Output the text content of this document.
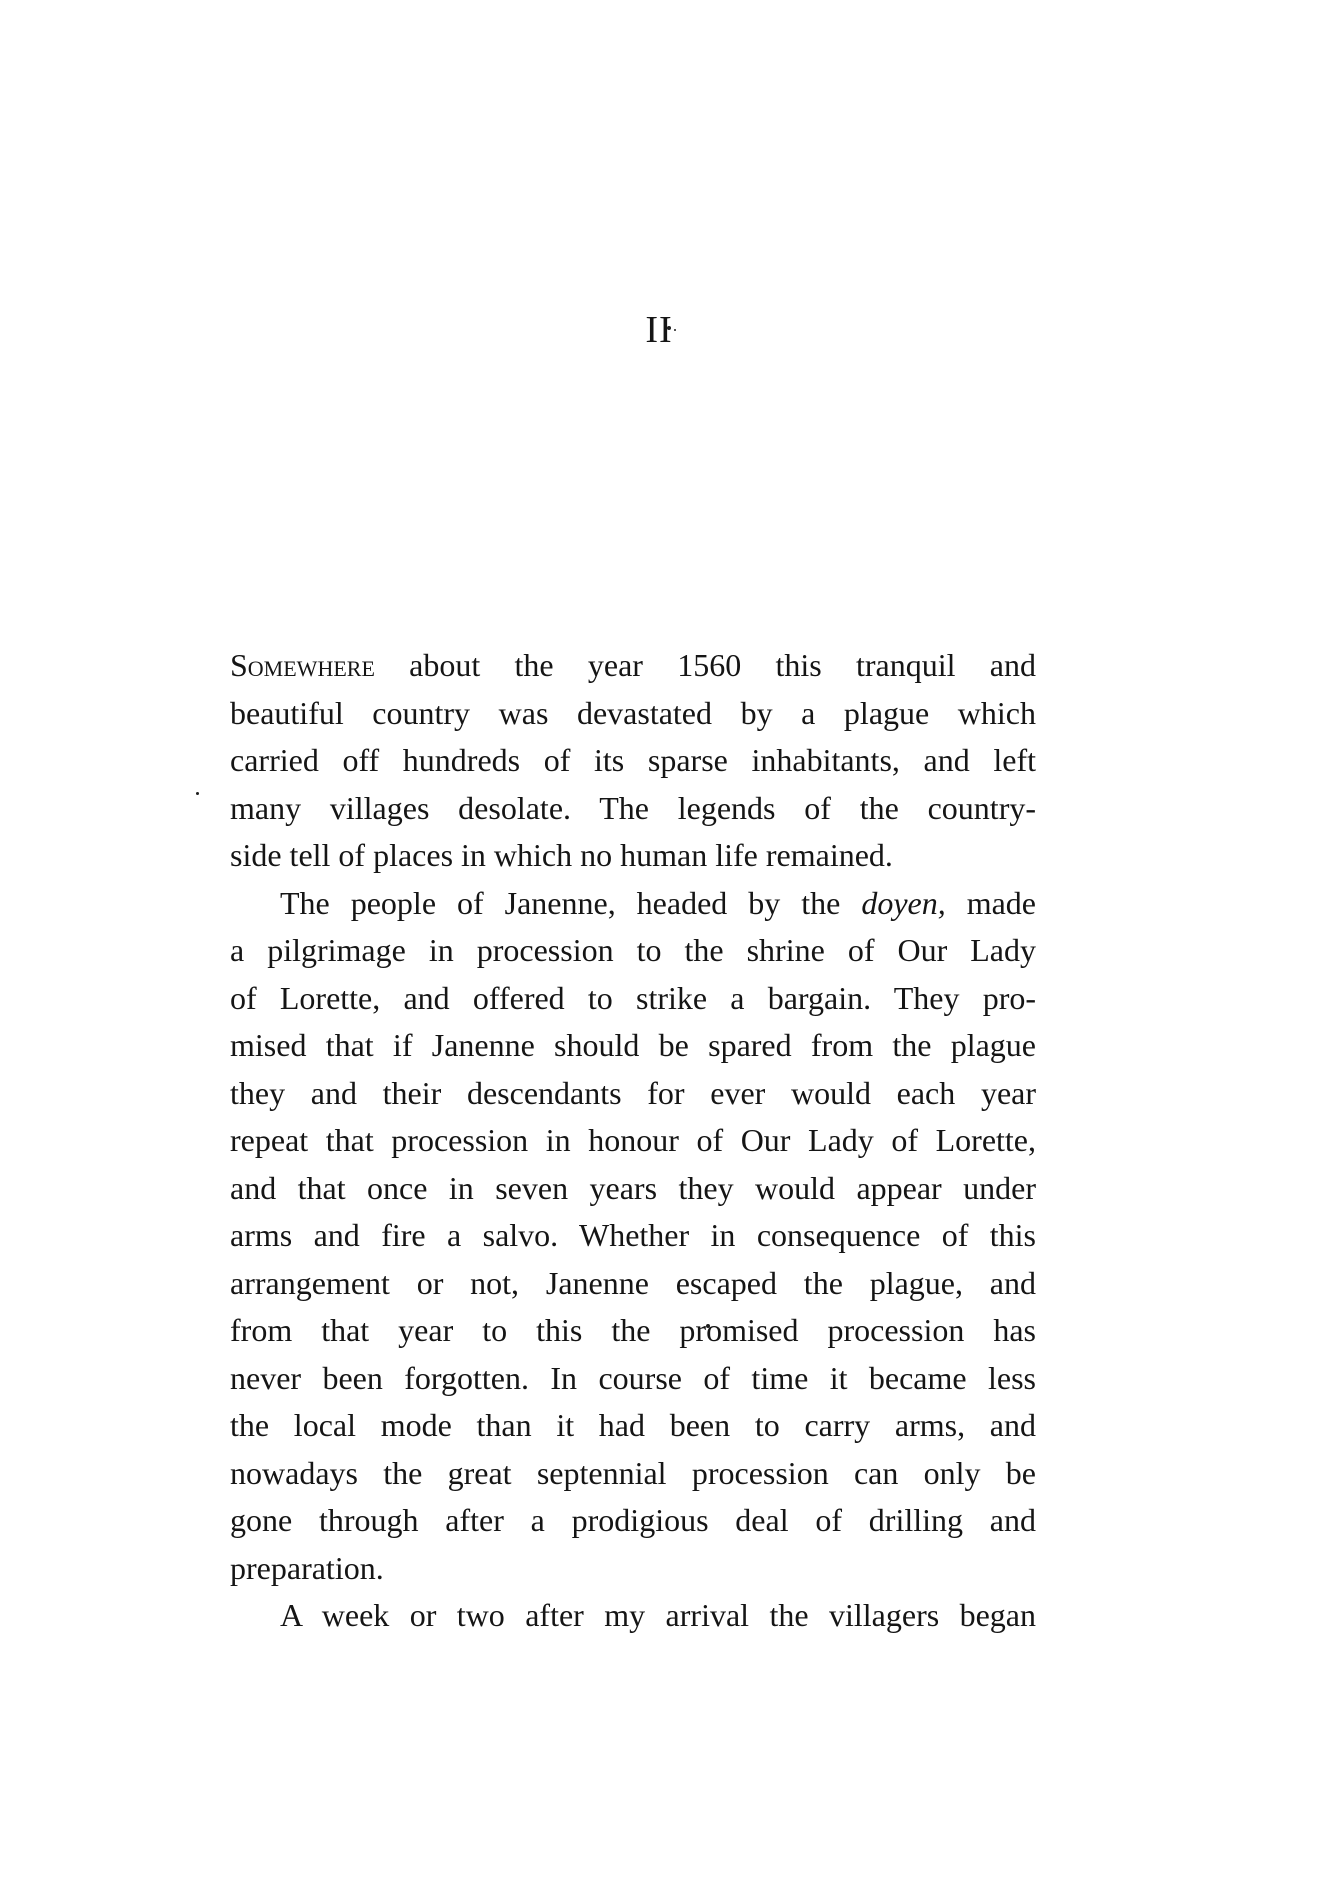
II
Somewhere about the year 1560 this tranquil and
beautiful country was devastated by a plague which
carried off hundreds of its sparse inhabitants, and left
many villages desolate. The legends of the country-
side tell of places in which no human life remained.
The people of Janenne, headed by the doyen, made
a pilgrimage in procession to the shrine of Our Lady
of Lorette, and offered to strike a bargain. They pro-
mised that if Janenne should be spared from the plague
they and their descendants for ever would each year
repeat that procession in honour of Our Lady of Lorette,
and that once in seven years they would appear under
arms and fire a salvo. Whether in consequence of this
arrangement or not, Janenne escaped the plague, and
from that year to this the promised procession has
never been forgotten. In course of time it became less
the local mode than it had been to carry arms, and
nowadays the great septennial procession can only be
gone through after a prodigious deal of drilling and
preparation.
A week or two after my arrival the villagers began
